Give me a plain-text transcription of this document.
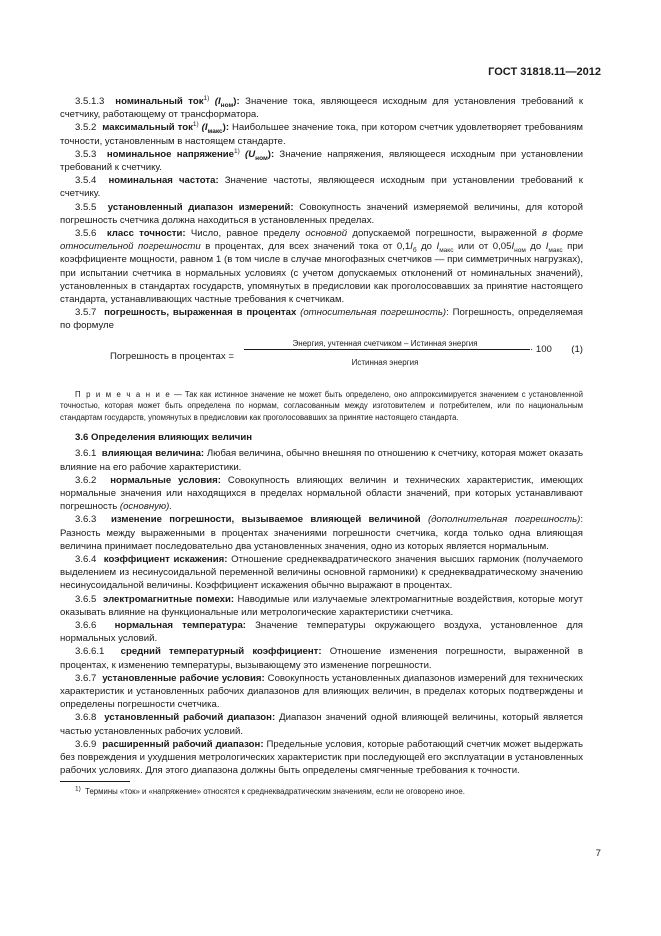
ГОСТ 31818.11—2012

3.5.1.3 номинальный ток$^{1)}$ $(I_{ном})$: Значение тока, являющееся исходным для установления требований к счетчику, работающему от трансформатора.

3.5.2 максимальный ток$^{1)}$ $(I_{макс})$: Наибольшее значение тока, при котором счетчик удовлетворяет требованиям точности, установленным в настоящем стандарте.

3.5.3 номинальное напряжение$^{1)}$ $(U_{ном})$: Значение напряжения, являющееся исходным при установлении требований к счетчику.

3.5.4 номинальная частота: Значение частоты, являющееся исходным при установлении требований к счетчику.

3.5.5 установленный диапазон измерений: Совокупность значений измеряемой величины, для которой погрешность счетчика должна находиться в установленных пределах.

3.5.6 класс точности: Число, равное пределу основной допускаемой погрешности, выраженной в форме относительной погрешности в процентах, для всех значений тока от $0,1I_б$ до $I_{макс}$ или от $0,05I_{ном}$ до $I_{макс}$ при коэффициенте мощности, равном 1 (в том числе в случае многофазных счетчиков — при симметричных нагрузках), при испытании счетчика в нормальных условиях (с учетом допускаемых отклонений от номинальных значений), установленных в стандартах государств, упомянутых в предисловии как проголосовавших за принятие настоящего стандарта, устанавливающих частные требования к счетчикам.

3.5.7 погрешность, выраженная в процентах (относительная погрешность): Погрешность, определяемая по формуле

Погрешность в процентах =
Энергия, учтенная счетчиком – Истинная энергия
Истинная энергия
· 100 (1)

П р и м е ч а н и е — Так как истинное значение не может быть определено, оно аппроксимируется значением с установленной точностью, которая может быть определена по нормам, согласованным между изготовителем и потребителем, или по национальным стандартам государств, упомянутых в предисловии как проголосовавших за принятие настоящего стандарта.

3.6 Определения влияющих величин

3.6.1 влияющая величина: Любая величина, обычно внешняя по отношению к счетчику, которая может оказать влияние на его рабочие характеристики.

3.6.2 нормальные условия: Совокупность влияющих величин и технических характеристик, имеющих нормальные значения или находящихся в пределах нормальной области значений, при которых устанавливают погрешность (основную).

3.6.3 изменение погрешности, вызываемое влияющей величиной (дополнительная погрешность): Разность между выраженными в процентах значениями погрешности счетчика, когда только одна влияющая величина принимает последовательно два установленных значения, одно из которых является нормальным.

3.6.4 коэффициент искажения: Отношение среднеквадратического значения высших гармоник (получаемого выделением из несинусоидальной переменной величины основной гармоники) к среднеквадратическому значению несинусоидальной величины. Коэффициент искажения обычно выражают в процентах.

3.6.5 электромагнитные помехи: Наводимые или излучаемые электромагнитные воздействия, которые могут оказывать влияние на функциональные или метрологические характеристики счетчика.

3.6.6 нормальная температура: Значение температуры окружающего воздуха, установленное для нормальных условий.

3.6.6.1 средний температурный коэффициент: Отношение изменения погрешности, выраженной в процентах, к изменению температуры, вызывающему это изменение погрешности.

3.6.7 установленные рабочие условия: Совокупность установленных диапазонов измерений для технических характеристик и установленных рабочих диапазонов для влияющих величин, в пределах которых подтверждены и определены погрешности счетчика.

3.6.8 установленный рабочий диапазон: Диапазон значений одной влияющей величины, который является частью установленных рабочих условий.

3.6.9 расширенный рабочий диапазон: Предельные условия, которые работающий счетчик может выдержать без повреждения и ухудшения метрологических характеристик при последующей его эксплуатации в установленных рабочих условиях. Для этого диапазона должны быть определены смягченные требования к точности.

$^{1)}$ Термины «ток» и «напряжение» относятся к среднеквадратическим значениям, если не оговорено иное.
7
